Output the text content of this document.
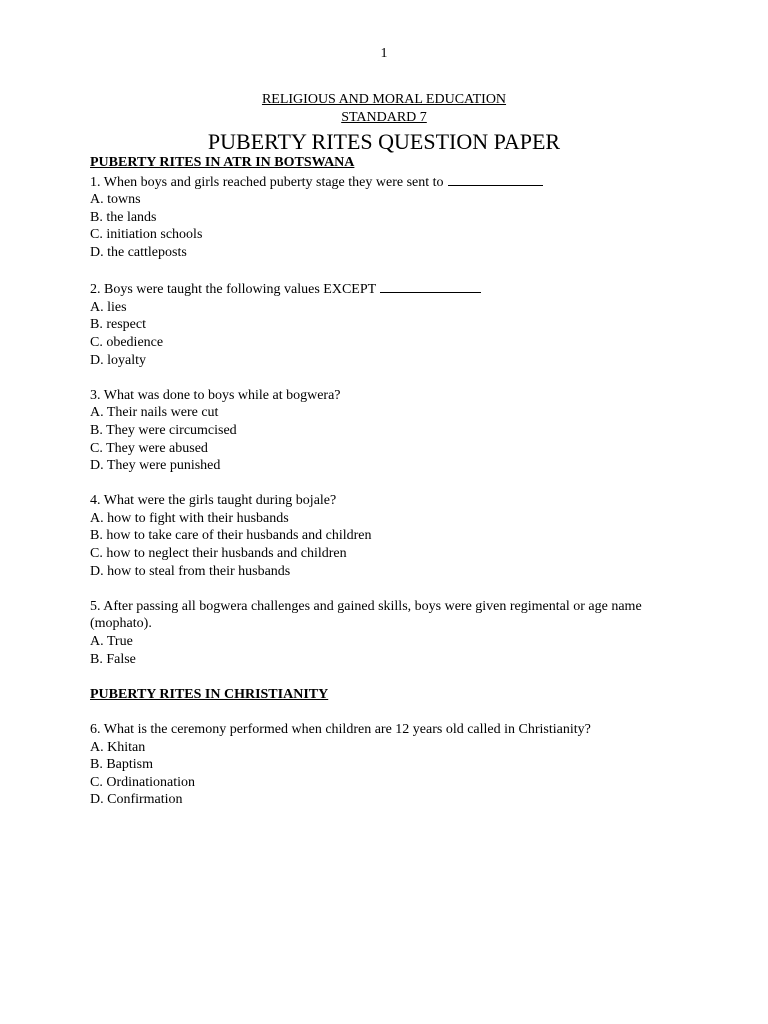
1
RELIGIOUS AND MORAL EDUCATION
STANDARD 7
PUBERTY RITES QUESTION PAPER
PUBERTY RITES IN ATR IN BOTSWANA
1. When boys and girls reached puberty stage they were sent to
A. towns
B. the lands
C. initiation schools
D. the cattleposts
2. Boys were taught the following values EXCEPT
A. lies
B. respect
C. obedience
D. loyalty
3. What was done to boys while at bogwera?
A. Their nails were cut
B. They were circumcised
C. They were abused
D. They were punished
4. What were the girls taught during bojale?
A. how to fight with their husbands
B. how to take care of their husbands and children
C. how to neglect their husbands and children
D. how to steal from their husbands
5. After passing all bogwera challenges and gained skills, boys were given regimental or age name (mophato).
A. True
B. False
PUBERTY RITES IN CHRISTIANITY
6. What is the ceremony performed when children are 12 years old called in Christianity?
A. Khitan
B. Baptism
C. Ordinationation
D. Confirmation
